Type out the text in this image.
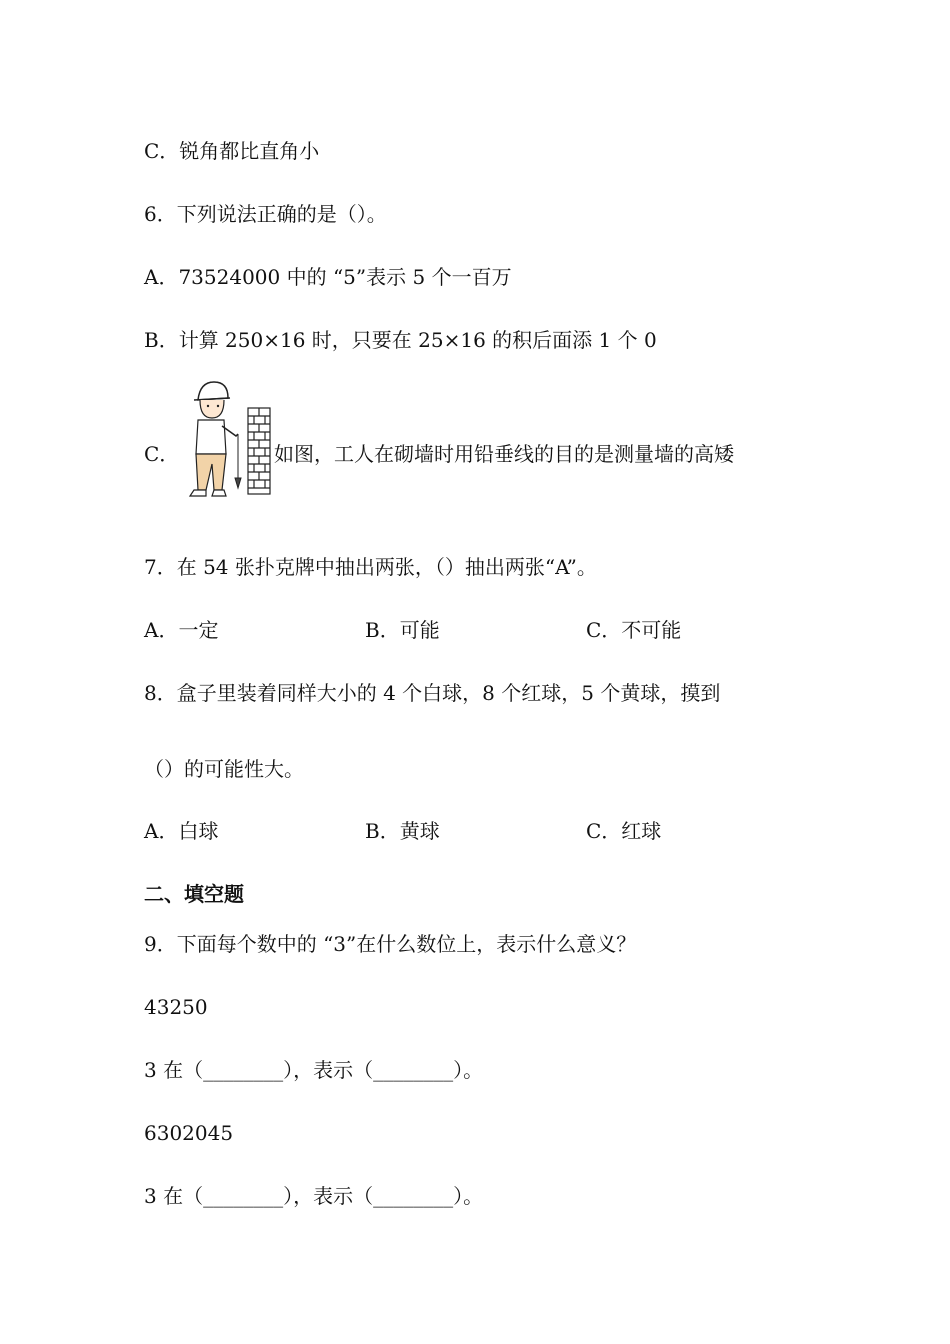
C．锐角都比直角小
6．下列说法正确的是（）。
A．73524000 中的 “5”表示 5 个一百万
B．计算 250×16 时，只要在 25×16 的积后面添 1 个 0
C．	如图，工人在砌墙时用铅垂线的目的是测量墙的高矮
7．在 54 张扑克牌中抽出两张，（）抽出两张“A”。
A．一定	B．可能	C．不可能
8．盒子里装着同样大小的 4 个白球，8 个红球，5 个黄球，摸到
（）的可能性大。
A．白球	B．黄球	C．红球
二、填空题
9．下面每个数中的 “3”在什么数位上，表示什么意义？
43250
3 在（________），表示（________）。
6302045
3 在（________），表示（________）。
